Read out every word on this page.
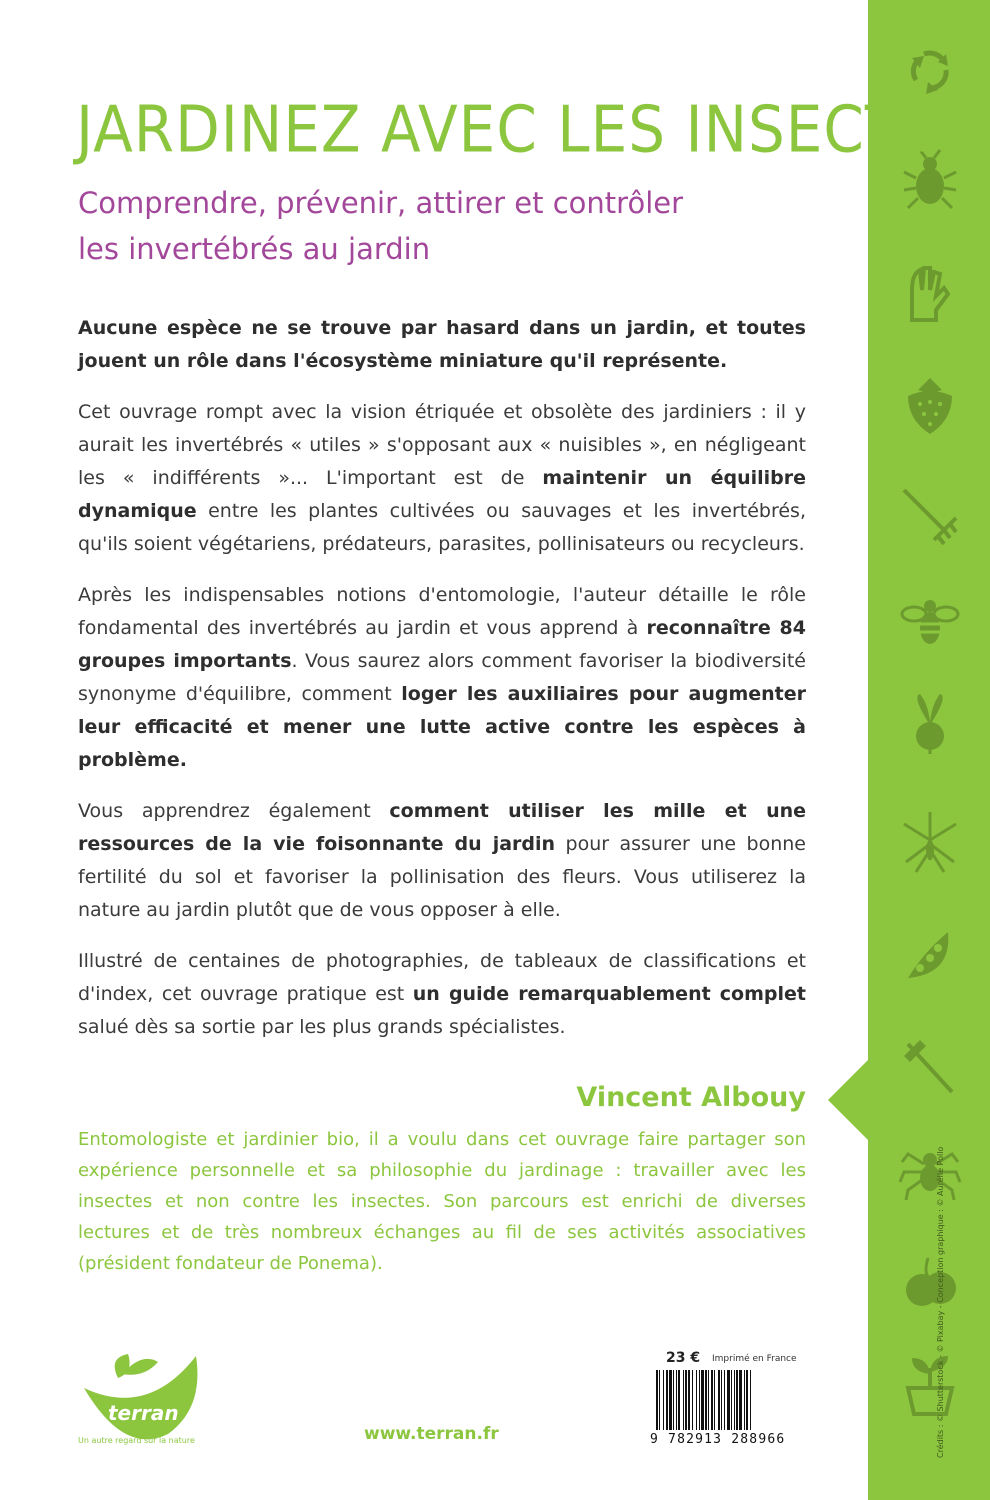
Crédits : © Shutterstock - © Pixabay - Conception graphique : © Aurélie Pollo
JARDINEZ AVEC LES INSECTES
Comprendre, prévenir, attirer et contrôler
les invertébrés au jardin

Aucune espèce ne se trouve par hasard dans un jardin, et toutes jouent un rôle dans l'écosystème miniature qu'il représente.

Cet ouvrage rompt avec la vision étriquée et obsolète des jardiniers : il y aurait les invertébrés « utiles » s'opposant aux « nuisibles », en négligeant les « indifférents »... L'important est de maintenir un équilibre dynamique entre les plantes cultivées ou sauvages et les invertébrés, qu'ils soient végétariens, prédateurs, parasites, pollinisateurs ou recycleurs.

Après les indispensables notions d'entomologie, l'auteur détaille le rôle fondamental des invertébrés au jardin et vous apprend à reconnaître 84 groupes importants. Vous saurez alors comment favoriser la biodiversité synonyme d'équilibre, comment loger les auxiliaires pour augmenter leur efficacité et mener une lutte active contre les espèces à problème.

Vous apprendrez également comment utiliser les mille et une ressources de la vie foisonnante du jardin pour assurer une bonne fertilité du sol et favoriser la pollinisation des fleurs. Vous utiliserez la nature au jardin plutôt que de vous opposer à elle.

Illustré de centaines de photographies, de tableaux de classifications et d'index, cet ouvrage pratique est un guide remarquablement complet salué dès sa sortie par les plus grands spécialistes.

Vincent Albouy
Entomologiste et jardinier bio, il a voulu dans cet ouvrage faire partager son expérience personnelle et sa philosophie du jardinage : travailler avec les insectes et non contre les insectes. Son parcours est enrichi de diverses lectures et de très nombreux échanges au fil de ses activités associatives (président fondateur de Ponema).
terran
Un autre regard sur la nature	www.terran.fr
23 € Imprimé en France
9 782913 288966
